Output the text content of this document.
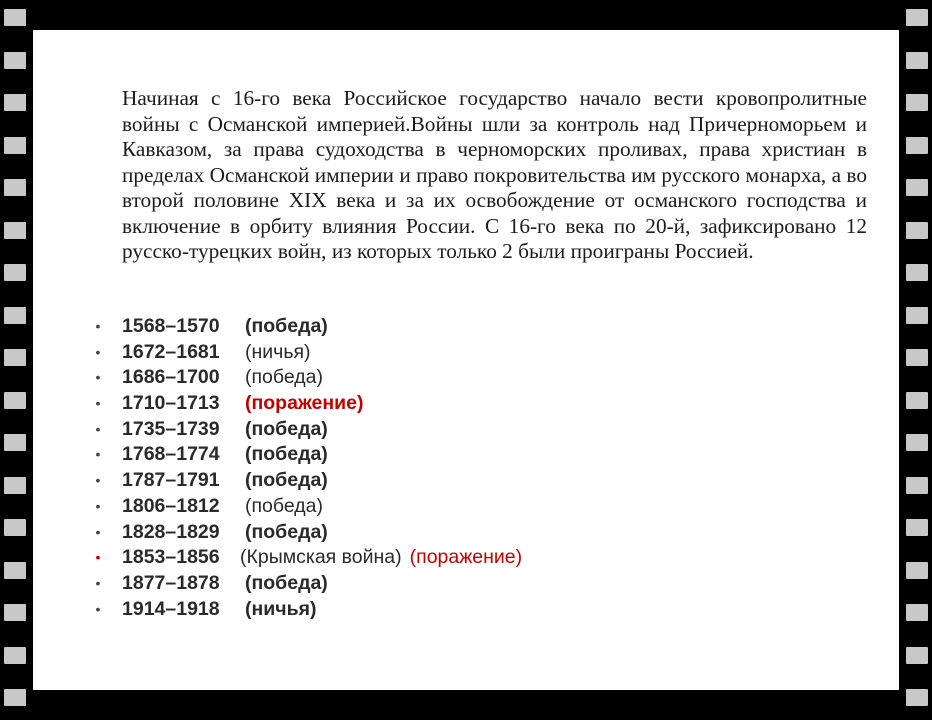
Начиная с 16-го века Российское государство начало вести кровопролитные войны с Османской империей.Войны шли за контроль над Причерноморьем и Кавказом, за права судоходства в черноморских проливах, права христиан в пределах Османской империи и право покровительства им русского монарха, а во второй половине XIX века и за их освобождение от османского господства и включение в орбиту влияния России. С 16-го века по 20-й, зафиксировано 12 русско-турецких войн, из которых только 2 были проиграны Россией.

• 1568–1570 (победа)
• 1672–1681 (ничья)
• 1686–1700 (победа)
• 1710–1713 (поражение)
• 1735–1739 (победа)
• 1768–1774 (победа)
• 1787–1791 (победа)
• 1806–1812 (победа)
• 1828–1829 (победа)
• 1853–1856 (Крымская война) (поражение)
• 1877–1878 (победа)
• 1914–1918 (ничья)
